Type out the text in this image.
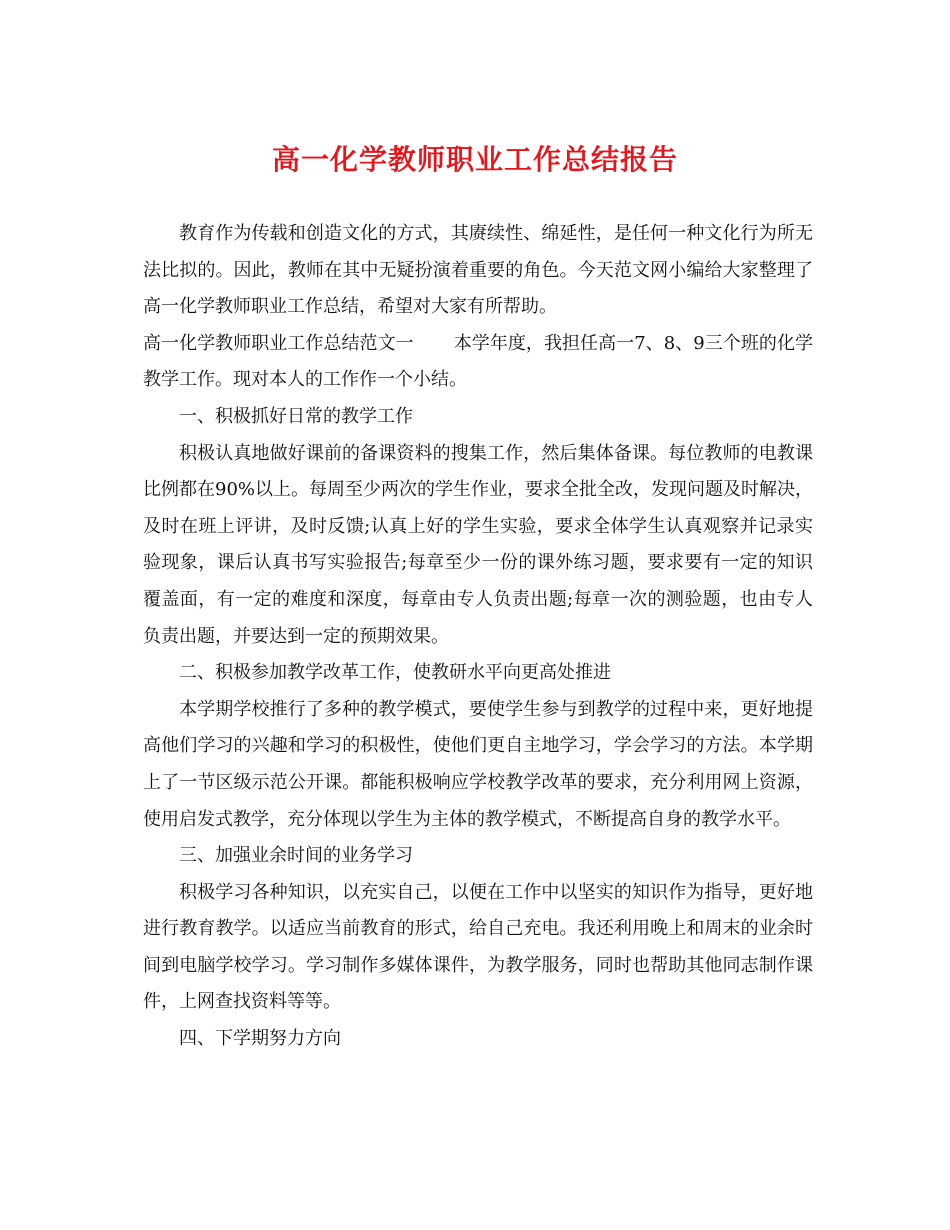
高一化学教师职业工作总结报告

教育作为传载和创造文化的方式，其赓续性、绵延性，是任何一种文化行为所无法比拟的。因此，教师在其中无疑扮演着重要的角色。今天范文网小编给大家整理了高一化学教师职业工作总结，希望对大家有所帮助。

高一化学教师职业工作总结范文一 本学年度，我担任高一7、8、9三个班的化学教学工作。现对本人的工作作一个小结。

一、积极抓好日常的教学工作

积极认真地做好课前的备课资料的搜集工作，然后集体备课。每位教师的电教课比例都在90%以上。每周至少两次的学生作业，要求全批全改，发现问题及时解决，及时在班上评讲，及时反馈;认真上好的学生实验，要求全体学生认真观察并记录实验现象，课后认真书写实验报告;每章至少一份的课外练习题，要求要有一定的知识覆盖面，有一定的难度和深度，每章由专人负责出题;每章一次的测验题，也由专人负责出题，并要达到一定的预期效果。

二、积极参加教学改革工作，使教研水平向更高处推进

本学期学校推行了多种的教学模式，要使学生参与到教学的过程中来，更好地提高他们学习的兴趣和学习的积极性，使他们更自主地学习，学会学习的方法。本学期上了一节区级示范公开课。都能积极响应学校教学改革的要求，充分利用网上资源，使用启发式教学，充分体现以学生为主体的教学模式，不断提高自身的教学水平。

三、加强业余时间的业务学习

积极学习各种知识，以充实自己，以便在工作中以坚实的知识作为指导，更好地进行教育教学。以适应当前教育的形式，给自己充电。我还利用晚上和周末的业余时间到电脑学校学习。学习制作多媒体课件，为教学服务，同时也帮助其他同志制作课件，上网查找资料等等。

四、下学期努力方向
